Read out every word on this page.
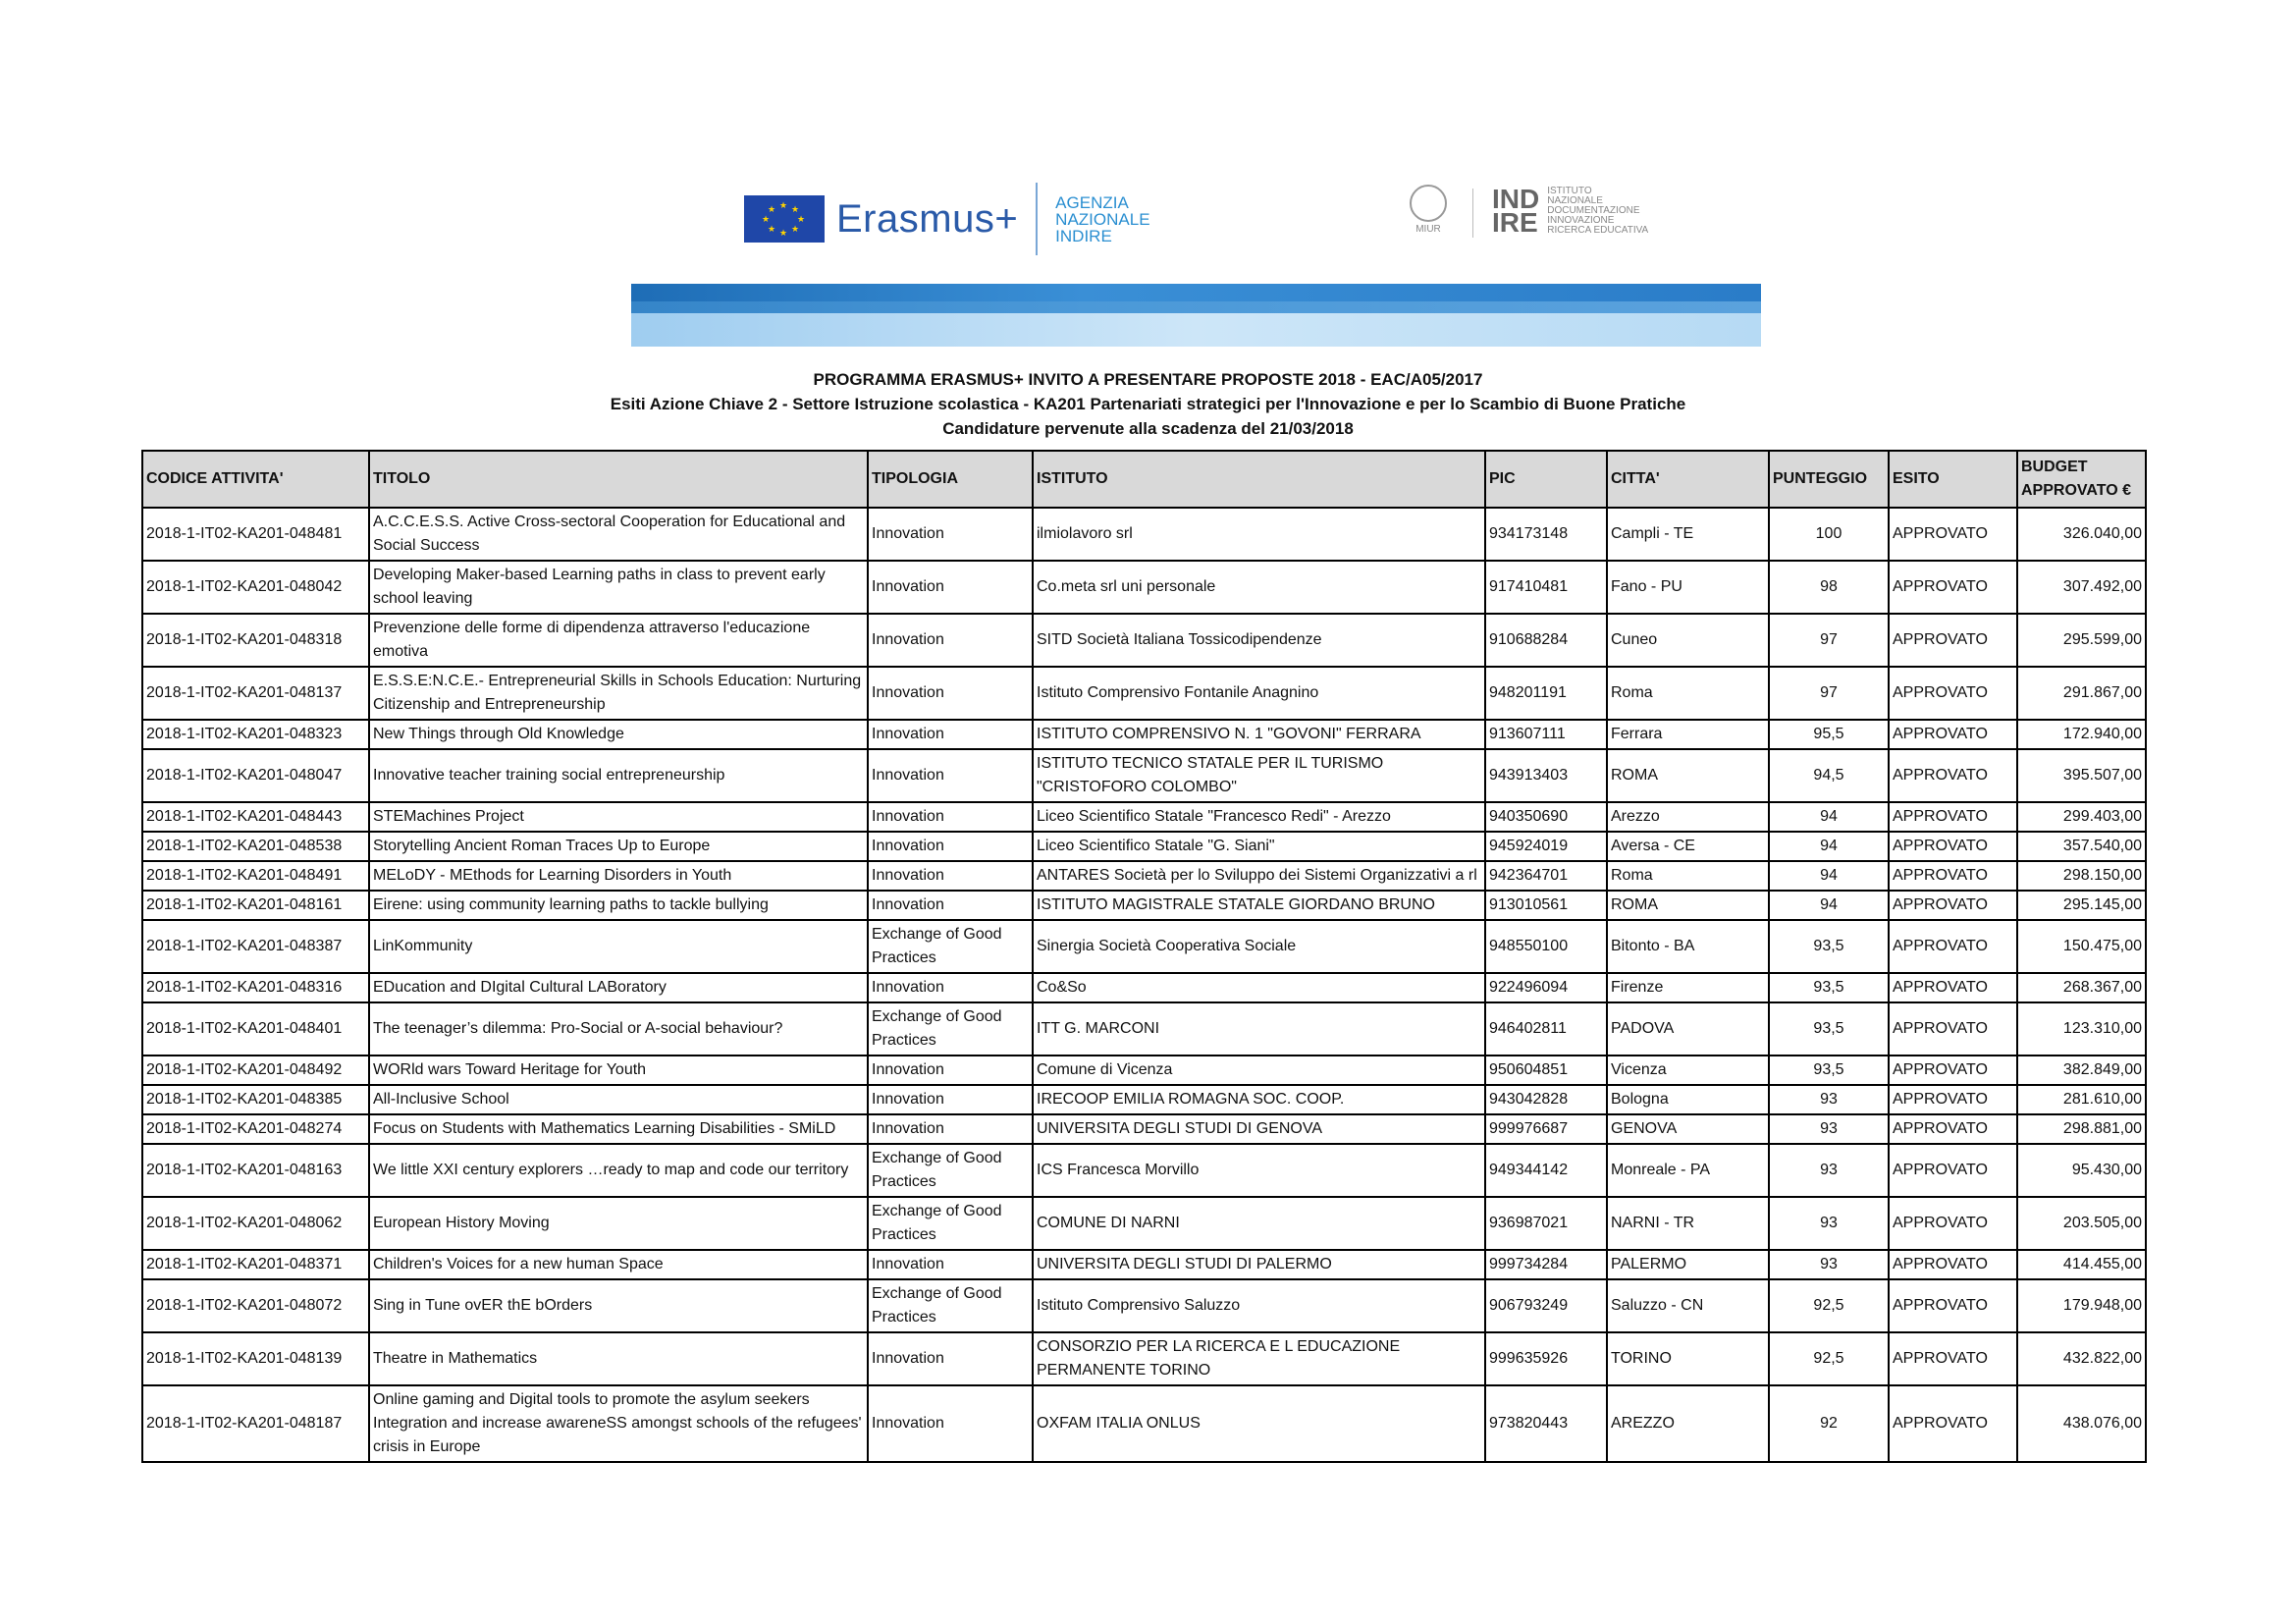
★ ★
★
★
★
★
★
★ Erasmus+ AGENZIA
NAZIONALE
INDIRE	MIUR
IND
IRE
ISTITUTO
NAZIONALE
DOCUMENTAZIONE
INNOVAZIONE
RICERCA EDUCATIVA
PROGRAMMA ERASMUS+ INVITO A PRESENTARE PROPOSTE 2018 - EAC/A05/2017
Esiti Azione Chiave 2 - Settore Istruzione scolastica - KA201 Partenariati strategici per l'Innovazione e per lo Scambio di Buone Pratiche
Candidature pervenute alla scadenza del 21/03/2018
CODICE ATTIVITA'	TITOLO	TIPOLOGIA	ISTITUTO	PIC	CITTA'	PUNTEGGIO	ESITO	BUDGET APPROVATO €
2018-1-IT02-KA201-048481	A.C.C.E.S.S. Active Cross-sectoral Cooperation for Educational and Social Success	Innovation	ilmiolavoro srl	934173148	Campli - TE	100	APPROVATO	326.040,00
2018-1-IT02-KA201-048042	Developing Maker-based Learning paths in class to prevent early school leaving	Innovation	Co.meta srl uni personale	917410481	Fano - PU	98	APPROVATO	307.492,00
2018-1-IT02-KA201-048318	Prevenzione delle forme di dipendenza attraverso l'educazione emotiva	Innovation	SITD Società Italiana Tossicodipendenze	910688284	Cuneo	97	APPROVATO	295.599,00
2018-1-IT02-KA201-048137	E.S.S.E:N.C.E.- Entrepreneurial Skills in Schools Education: Nurturing Citizenship and Entrepreneurship	Innovation	Istituto Comprensivo Fontanile Anagnino	948201191	Roma	97	APPROVATO	291.867,00
2018-1-IT02-KA201-048323	New Things through Old Knowledge	Innovation	ISTITUTO COMPRENSIVO N. 1 "GOVONI" FERRARA	913607111	Ferrara	95,5	APPROVATO	172.940,00
2018-1-IT02-KA201-048047	Innovative teacher training social entrepreneurship	Innovation	ISTITUTO TECNICO STATALE PER IL TURISMO "CRISTOFORO COLOMBO"	943913403	ROMA	94,5	APPROVATO	395.507,00
2018-1-IT02-KA201-048443	STEMachines Project	Innovation	Liceo Scientifico Statale "Francesco Redi" - Arezzo	940350690	Arezzo	94	APPROVATO	299.403,00
2018-1-IT02-KA201-048538	Storytelling Ancient Roman Traces Up to Europe	Innovation	Liceo Scientifico Statale "G. Siani"	945924019	Aversa - CE	94	APPROVATO	357.540,00
2018-1-IT02-KA201-048491	MELoDY - MEthods for Learning Disorders in Youth	Innovation	ANTARES Società per lo Sviluppo dei Sistemi Organizzativi a rl	942364701	Roma	94	APPROVATO	298.150,00
2018-1-IT02-KA201-048161	Eirene: using community learning paths to tackle bullying	Innovation	ISTITUTO MAGISTRALE STATALE GIORDANO BRUNO	913010561	ROMA	94	APPROVATO	295.145,00
2018-1-IT02-KA201-048387	LinKommunity	Exchange of Good Practices	Sinergia Società Cooperativa Sociale	948550100	Bitonto - BA	93,5	APPROVATO	150.475,00
2018-1-IT02-KA201-048316	EDucation and DIgital Cultural LABoratory	Innovation	Co&So	922496094	Firenze	93,5	APPROVATO	268.367,00
2018-1-IT02-KA201-048401	The teenager’s dilemma: Pro-Social or A-social behaviour?	Exchange of Good Practices	ITT G. MARCONI	946402811	PADOVA	93,5	APPROVATO	123.310,00
2018-1-IT02-KA201-048492	WORld wars Toward Heritage for Youth	Innovation	Comune di Vicenza	950604851	Vicenza	93,5	APPROVATO	382.849,00
2018-1-IT02-KA201-048385	All-Inclusive School	Innovation	IRECOOP EMILIA ROMAGNA SOC. COOP.	943042828	Bologna	93	APPROVATO	281.610,00
2018-1-IT02-KA201-048274	Focus on Students with Mathematics Learning Disabilities - SMiLD	Innovation	UNIVERSITA DEGLI STUDI DI GENOVA	999976687	GENOVA	93	APPROVATO	298.881,00
2018-1-IT02-KA201-048163	We little XXI century explorers …ready to map and code our territory	Exchange of Good Practices	ICS Francesca Morvillo	949344142	Monreale - PA	93	APPROVATO	95.430,00
2018-1-IT02-KA201-048062	European History Moving	Exchange of Good Practices	COMUNE DI NARNI	936987021	NARNI - TR	93	APPROVATO	203.505,00
2018-1-IT02-KA201-048371	Children's Voices for a new human Space	Innovation	UNIVERSITA DEGLI STUDI DI PALERMO	999734284	PALERMO	93	APPROVATO	414.455,00
2018-1-IT02-KA201-048072	Sing in Tune ovER thE bOrders	Exchange of Good Practices	Istituto Comprensivo Saluzzo	906793249	Saluzzo - CN	92,5	APPROVATO	179.948,00
2018-1-IT02-KA201-048139	Theatre in Mathematics	Innovation	CONSORZIO PER LA RICERCA E L EDUCAZIONE PERMANENTE TORINO	999635926	TORINO	92,5	APPROVATO	432.822,00
2018-1-IT02-KA201-048187	Online gaming and Digital tools to promote the asylum seekers Integration and increase awareneSS amongst schools of the refugees' crisis in Europe	Innovation	OXFAM ITALIA ONLUS	973820443	AREZZO	92	APPROVATO	438.076,00
